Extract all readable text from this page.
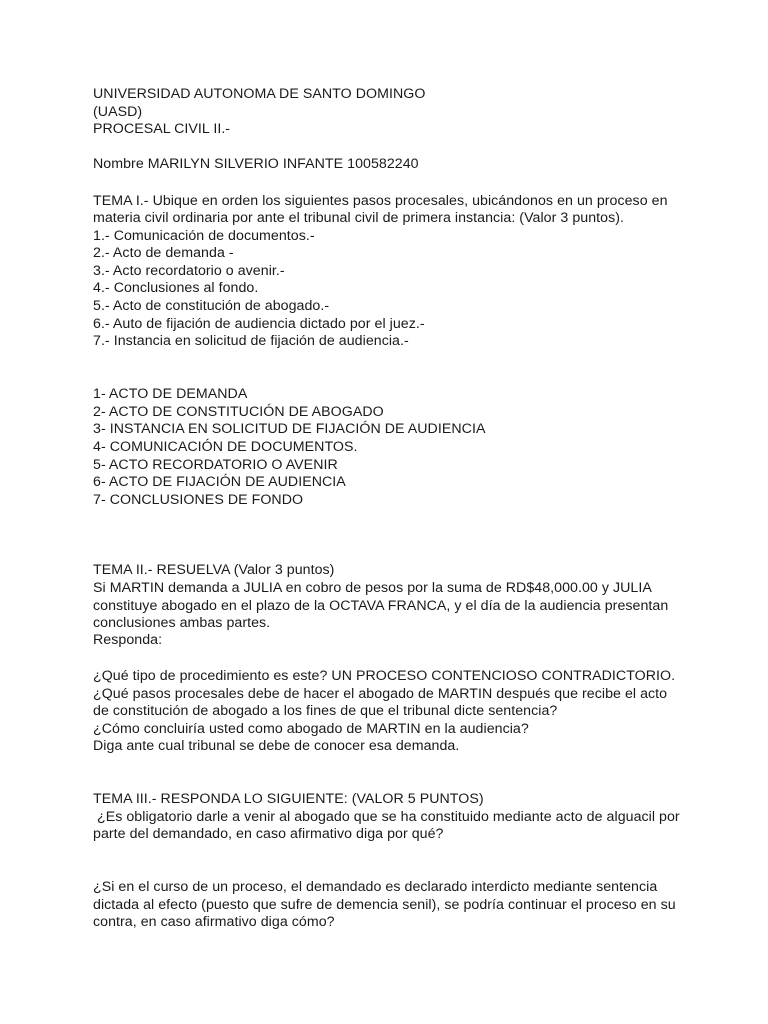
UNIVERSIDAD AUTONOMA DE SANTO DOMINGO
(UASD)
PROCESAL CIVIL II.-
Nombre MARILYN SILVERIO INFANTE 100582240
TEMA I.- Ubique en orden los siguientes pasos procesales, ubicándonos en un proceso en
materia civil ordinaria por ante el tribunal civil de primera instancia: (Valor 3 puntos).
1.- Comunicación de documentos.-
2.- Acto de demanda -
3.- Acto recordatorio o avenir.-
4.- Conclusiones al fondo.
5.- Acto de constitución de abogado.-
6.- Auto de fijación de audiencia dictado por el juez.-
7.- Instancia en solicitud de fijación de audiencia.-
1- ACTO DE DEMANDA
2- ACTO DE CONSTITUCIÓN DE ABOGADO
3- INSTANCIA EN SOLICITUD DE FIJACIÓN DE AUDIENCIA
4- COMUNICACIÓN DE DOCUMENTOS.
5- ACTO RECORDATORIO O AVENIR
6- ACTO DE FIJACIÓN DE AUDIENCIA
7- CONCLUSIONES DE FONDO
TEMA II.- RESUELVA (Valor 3 puntos)
Si MARTIN demanda a JULIA en cobro de pesos por la suma de RD$48,000.00 y JULIA
constituye abogado en el plazo de la OCTAVA FRANCA, y el día de la audiencia presentan
conclusiones ambas partes.
Responda:
¿Qué tipo de procedimiento es este? UN PROCESO CONTENCIOSO CONTRADICTORIO.
¿Qué pasos procesales debe de hacer el abogado de MARTIN después que recibe el acto
de constitución de abogado a los fines de que el tribunal dicte sentencia?
¿Cómo concluiría usted como abogado de MARTIN en la audiencia?
Diga ante cual tribunal se debe de conocer esa demanda.
TEMA III.- RESPONDA LO SIGUIENTE: (VALOR 5 PUNTOS)
¿Es obligatorio darle a venir al abogado que se ha constituido mediante acto de alguacil por
parte del demandado, en caso afirmativo diga por qué?
¿Si en el curso de un proceso, el demandado es declarado interdicto mediante sentencia
dictada al efecto (puesto que sufre de demencia senil), se podría continuar el proceso en su
contra, en caso afirmativo diga cómo?
